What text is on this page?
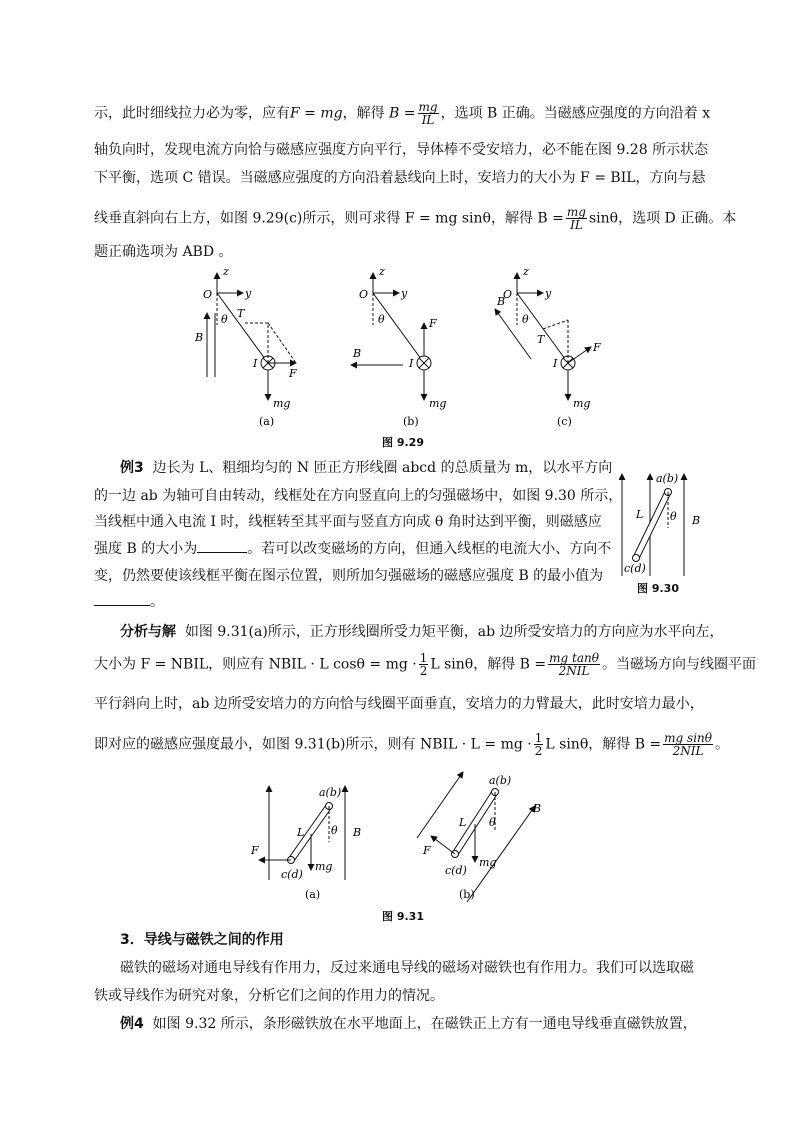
示，此时细线拉力必为零，应有F = mg，解得 $B = \frac{mg}{IL}$ ，选项 B 正确。当磁感应强度的方向沿着 x
轴负向时，发现电流方向恰与磁感应强度方向平行，导体棒不受安培力，必不能在图 9.28 所示状态
下平衡，选项 C 错误。当磁感应强度的方向沿着悬线向上时，安培力的大小为 F = BIL，方向与悬
线垂直斜向右上方，如图 9.29(c)所示，则可求得 F = mg sinθ，解得 $B = \frac{mg}{IL}$ sinθ，选项 D 正确。本
题正确选项为 ABD 。
z
y
O
θ T
B
I
mg
F
(a)
z
y
O
θ
I
F
mg
B
(b)
z
y
O
θ
T
B
I
mg
F
(c)
图 9.29
例3 边长为 L、粗细均匀的 N 匝正方形线圈 abcd 的总质量为 m，以水平方向
的一边 ab 为轴可自由转动，线框处在方向竖直向上的匀强磁场中，如图 9.30 所示，
当线框中通入电流 I 时，线框转至其平面与竖直方向成 θ 角时达到平衡，则磁感应
强度 B 的大小为	。若可以改变磁场的方向，但通入线框的电流大小、方向不
变，仍然要使该线框平衡在图示位置，则所加匀强磁场的磁感应强度 B 的最小值为
。
θ
L
a(b)
c(d)
B
图 9.30
分析与解 如图 9.31(a)所示，正方形线圈所受力矩平衡，ab 边所受安培力的方向应为水平向左，
大小为 F = NBIL，则应有 NBIL · L cosθ = mg · $\frac{1}{2}$ L sinθ，解得 $B = \frac{\text{mg tanθ}}{\text{2NIL}}$ 。当磁场方向与线圈平面
平行斜向上时，ab 边所受安培力的方向恰与线圈平面垂直，安培力的力臂最大，此时安培力最小，
即对应的磁感应强度最小，如图 9.31(b)所示，则有 NBIL · L = mg · $\frac{1}{2}$ L sinθ，解得 $B = \frac{\text{mg sinθ}}{\text{2NIL}}$ 。
θ
L
a(b)
c(d)
F
mg
B
(a)
θ
L
a(b)
c(d)
F
mg
B
(b)
图 9.31
3．导线与磁铁之间的作用
磁铁的磁场对通电导线有作用力，反过来通电导线的磁场对磁铁也有作用力。我们可以选取磁
铁或导线作为研究对象，分析它们之间的作用力的情况。
例4 如图 9.32 所示，条形磁铁放在水平地面上，在磁铁正上方有一通电导线垂直磁铁放置，
